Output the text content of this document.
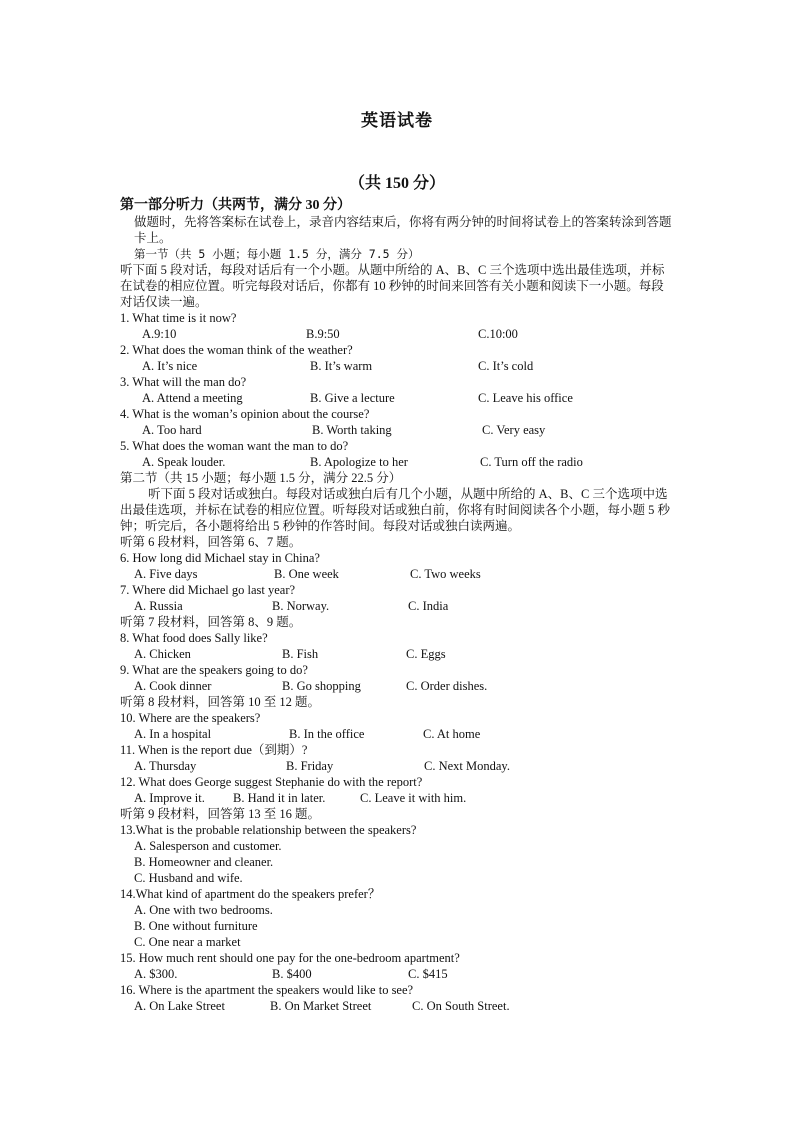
英语试卷
（共 150 分）
第一部分听力（共两节，满分 30 分）
做题时，先将答案标在试卷上，录音内容结束后，你将有两分钟的时间将试卷上的答案转涂到答题卡上。
第一节（共 5 小题；每小题 1.5 分，满分 7.5 分）
听下面 5 段对话，每段对话后有一个小题。从题中所给的 A、B、C 三个选项中选出最佳选项，并标在试卷的相应位置。听完每段对话后，你都有 10 秒钟的时间来回答有关小题和阅读下一小题。每段对话仅读一遍。
1. What time is it now?
A.9:10	B.9:50	C.10:00
2. What does the woman think of the weather?
A. It’s nice	B. It’s warm	C. It’s cold
3. What will the man do?
A. Attend a meeting	B. Give a lecture	C. Leave his office
4. What is the woman’s opinion about the course?
A. Too hard	B. Worth taking	C. Very easy
5. What does the woman want the man to do?
A. Speak louder.	B. Apologize to her	C. Turn off the radio
第二节（共 15 小题；每小题 1.5 分，满分 22.5 分）
听下面 5 段对话或独白。每段对话或独白后有几个小题，从题中所给的 A、B、C 三个选项中选出最佳选项，并标在试卷的相应位置。听每段对话或独白前，你将有时间阅读各个小题，每小题 5 秒钟；听完后，各小题将给出 5 秒钟的作答时间。每段对话或独白读两遍。
听第 6 段材料，回答第 6、7 题。
6. How long did Michael stay in China?
A. Five days	B. One week	C. Two weeks
7. Where did Michael go last year?
A. Russia	B. Norway.	C. India
听第 7 段材料，回答第 8、9 题。
8. What food does Sally like?
A. Chicken	B. Fish	C. Eggs
9. What are the speakers going to do?
A. Cook dinner	B. Go shopping	C. Order dishes.
听第 8 段材料，回答第 10 至 12 题。
10. Where are the speakers?
A. In a hospital	B. In the office	C. At home
11. When is the report due（到期）?
A. Thursday	B. Friday	C. Next Monday.
12. What does George suggest Stephanie do with the report?
A. Improve it.	B. Hand it in later.	C. Leave it with him.
听第 9 段材料，回答第 13 至 16 题。
13.What is the probable relationship between the speakers?
A. Salesperson and customer.
B. Homeowner and cleaner.
C. Husband and wife.
14.What kind of apartment do the speakers prefer？
A. One with two bedrooms.
B. One without furniture
C. One near a market
15. How much rent should one pay for the one-bedroom apartment?
A. $300.	B. $400	C. $415
16. Where is the apartment the speakers would like to see?
A. On Lake Street	B. On Market Street	C. On South Street.
